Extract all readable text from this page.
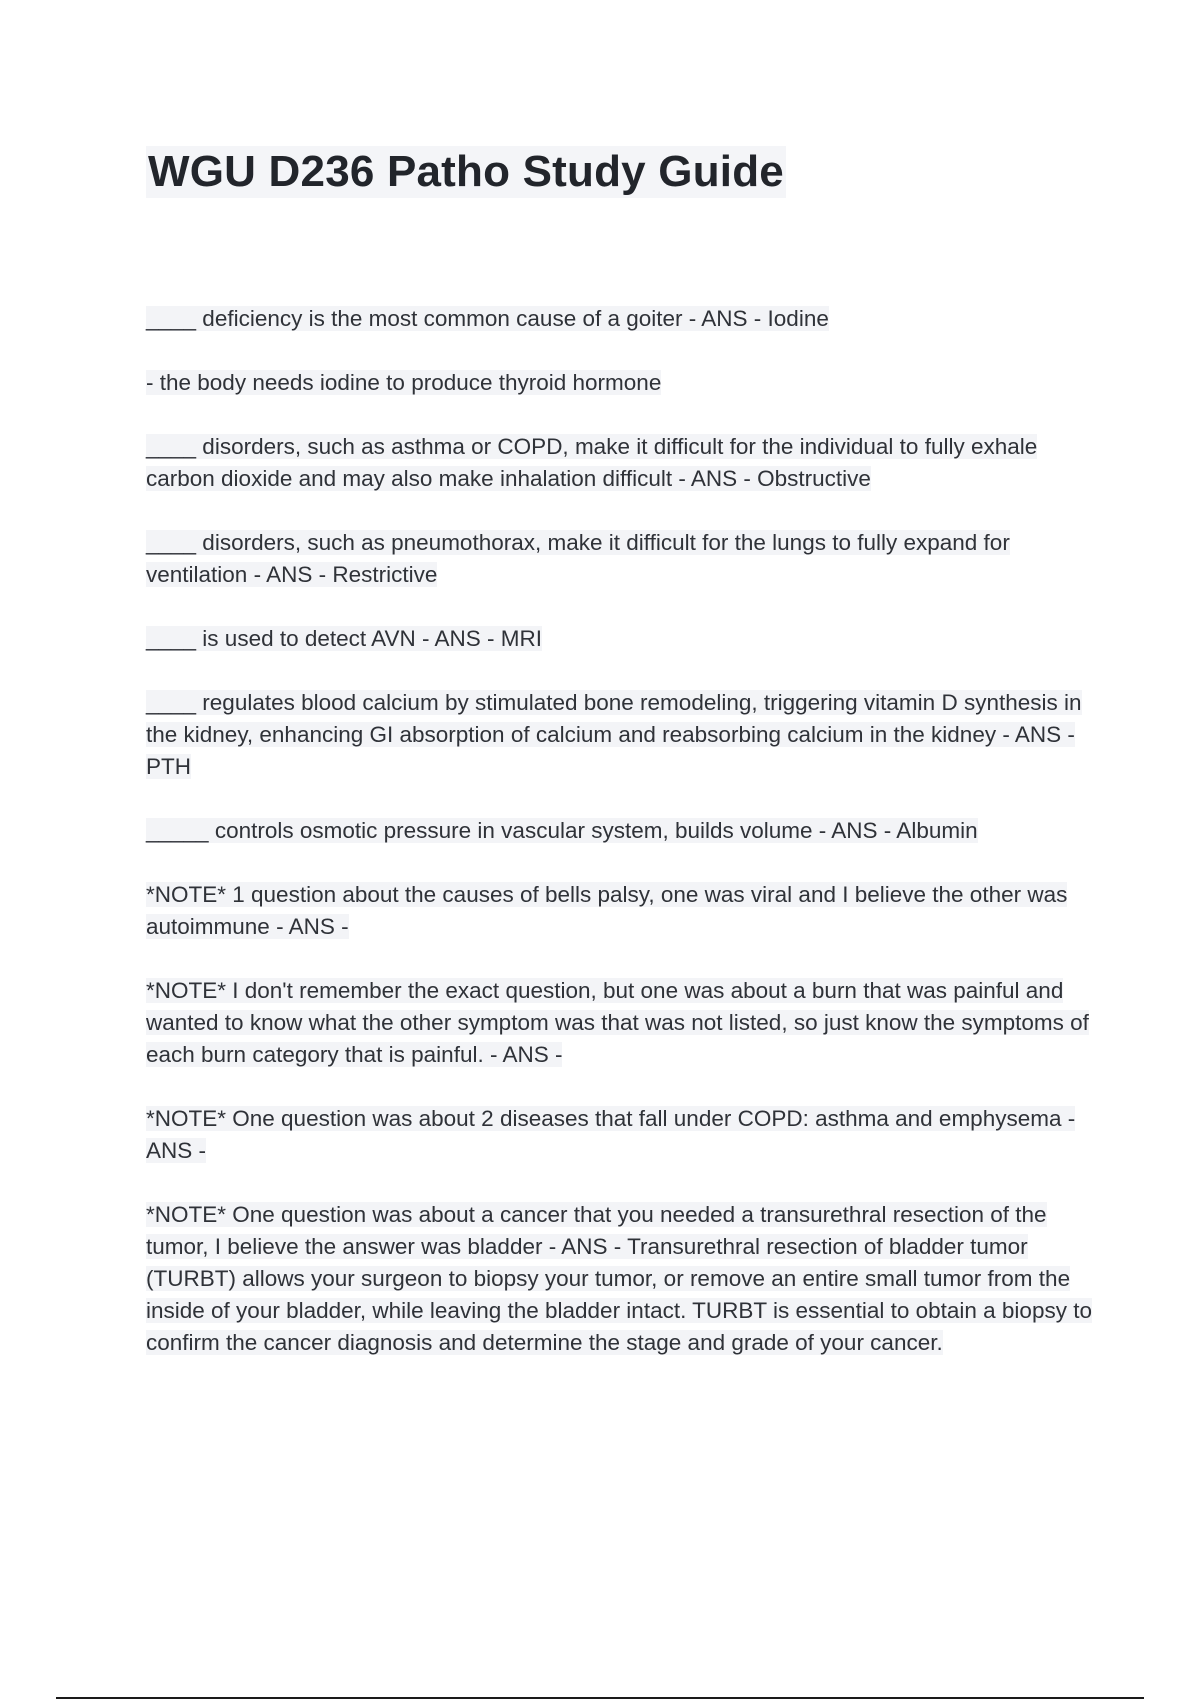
WGU D236 Patho Study Guide

____ deficiency is the most common cause of a goiter - ANS - Iodine

- the body needs iodine to produce thyroid hormone

____ disorders, such as asthma or COPD, make it difficult for the individual to fully exhale carbon dioxide and may also make inhalation difficult - ANS - Obstructive

____ disorders, such as pneumothorax, make it difficult for the lungs to fully expand for ventilation - ANS - Restrictive

____ is used to detect AVN - ANS - MRI

____ regulates blood calcium by stimulated bone remodeling, triggering vitamin D synthesis in the kidney, enhancing GI absorption of calcium and reabsorbing calcium in the kidney - ANS - PTH

_____ controls osmotic pressure in vascular system, builds volume - ANS - Albumin

*NOTE* 1 question about the causes of bells palsy, one was viral and I believe the other was autoimmune - ANS -

*NOTE* I don't remember the exact question, but one was about a burn that was painful and wanted to know what the other symptom was that was not listed, so just know the symptoms of each burn category that is painful. - ANS -

*NOTE* One question was about 2 diseases that fall under COPD: asthma and emphysema - ANS -

*NOTE* One question was about a cancer that you needed a transurethral resection of the tumor, I believe the answer was bladder - ANS - Transurethral resection of bladder tumor (TURBT) allows your surgeon to biopsy your tumor, or remove an entire small tumor from the inside of your bladder, while leaving the bladder intact. TURBT is essential to obtain a biopsy to confirm the cancer diagnosis and determine the stage and grade of your cancer.
